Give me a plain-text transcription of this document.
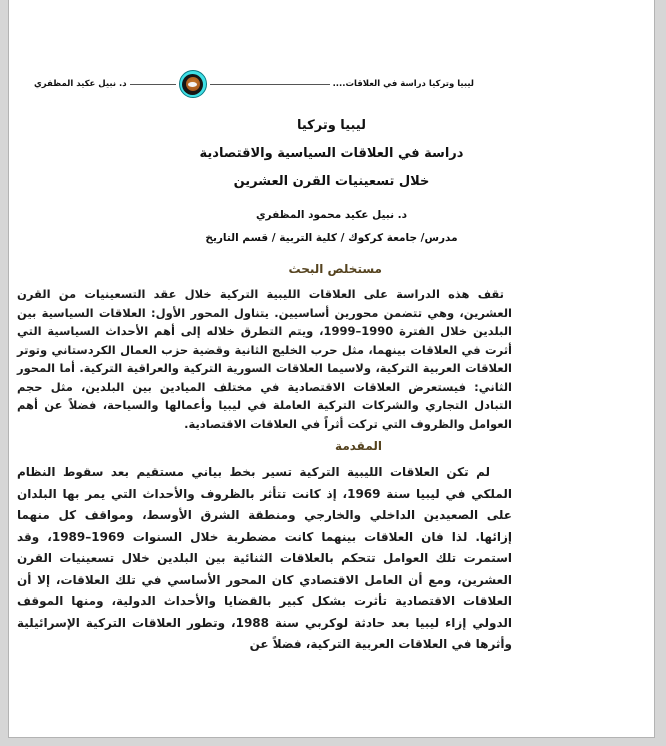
ليبيا وتركيا دراسة في العلاقات....
د. نبيل عكيد المظفري
ليبيا وتركيا
دراسة في العلاقات السياسية والاقتصادية
خلال تسعينيات القرن العشرين
د. نبيل عكيد محمود المظفري
مدرس/ جامعة كركوك / كلية التربية / قسم التاريخ
مستخلص البحث

تقف هذه الدراسة على العلاقات الليبية التركية خلال عقد التسعينيات من القرن العشرين، وهي تتضمن محورين أساسيين. يتناول المحور الأول: العلاقات السياسية بين البلدين خلال الفترة 1990–1999، ويتم التطرق خلاله إلى أهم الأحداث السياسية التي أثرت في العلاقات بينهما، مثل حرب الخليج الثانية وقضية حزب العمال الكردستاني وتوتر العلاقات العربية التركية، ولاسيما العلاقات السورية التركية والعراقية التركية. أما المحور الثاني: فيستعرض العلاقات الاقتصادية في مختلف الميادين بين البلدين، مثل حجم التبادل التجاري والشركات التركية العاملة في ليبيا وأعمالها والسياحة، فضلاً عن أهم العوامل والظروف التي تركت أثراً في العلاقات الاقتصادية.

المقدمة

لم تكن العلاقات الليبية التركية تسير بخط بياني مستقيم بعد سقوط النظام الملكي في ليبيا سنة 1969، إذ كانت تتأثر بالظروف والأحداث التي يمر بها البلدان على الصعيدين الداخلي والخارجي ومنطقة الشرق الأوسط، ومواقف كل منهما إزائها. لذا فان العلاقات بينهما كانت مضطربة خلال السنوات 1969–1989، وقد استمرت تلك العوامل تتحكم بالعلاقات الثنائية بين البلدين خلال تسعينيات القرن العشرين، ومع أن العامل الاقتصادي كان المحور الأساسي في تلك العلاقات، إلا أن العلاقات الاقتصادية تأثرت بشكل كبير بالقضايا والأحداث الدولية، ومنها الموقف الدولي إزاء ليبيا بعد حادثة لوكربي سنة 1988، وتطور العلاقات التركية الإسرائيلية وأثرها في العلاقات العربية التركية، فضلاً عن
